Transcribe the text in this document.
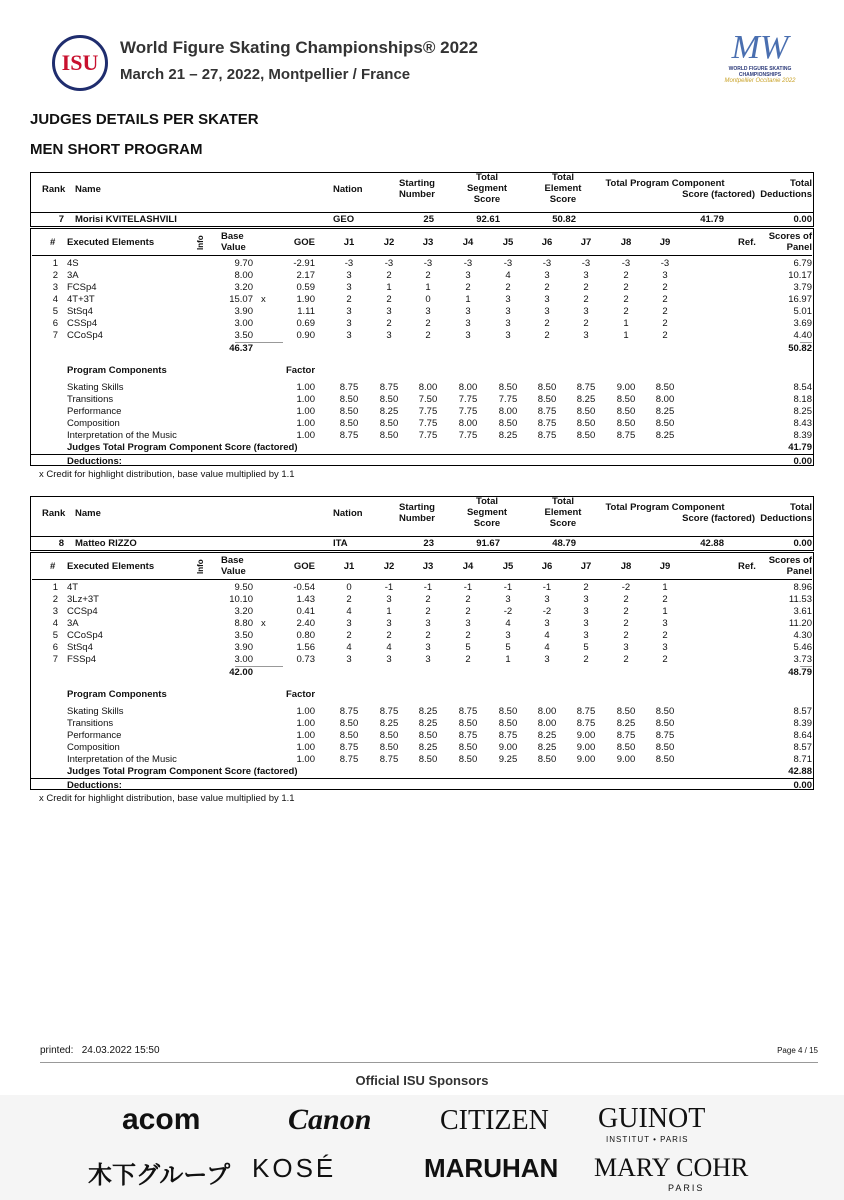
ISU
World Figure Skating Championships® 2022
March 21 – 27, 2022, Montpellier / France
MW
WORLD FIGURE SKATING CHAMPIONSHIPS
Montpellier Occitanie 2022
JUDGES DETAILS PER SKATER
MEN SHORT PROGRAM
Rank Name	Nation
Starting
Number
Total
Segment
Score
Total
Element
Score
Total Program Component
Score (factored)
Total
Deductions
7 Morisi KVITELASHVILI	GEO	25	92.61	50.82	41.79	0.00
# Executed Elements	Info Base
Value	GOE	J1	J2	J3	J4	J5	J6	J7	J8	J9	Ref.
Scores of
Panel
1 4S	9.70	-2.91	-3	-3	-3	-3	-3	-3	-3	-3	-3	6.79
2 3A	8.00	2.17	3	2	2	3	4	3	3	2	3	10.17
3 FCSp4	3.20	0.59	3	1	1	2	2	2	2	2	2	3.79
4 4T+3T	15.07 x	1.90	2	2	0	1	3	3	2	2	2	16.97
5 StSq4	3.90	1.11	3	3	3	3	3	3	3	2	2	5.01
6 CSSp4	3.00	0.69	3	2	2	3	3	2	2	1	2	3.69
7 CCoSp4	3.50	0.90	3	3	2	3	3	2	3	1	2	4.40
46.37	50.82
Program Components	Factor
Skating Skills	1.00	8.75	8.75	8.00	8.00	8.50	8.50	8.75	9.00	8.50	8.54
Transitions	1.00	8.50	8.50	7.50	7.75	7.75	8.50	8.25	8.50	8.00	8.18
Performance	1.00	8.50	8.25	7.75	7.75	8.00	8.75	8.50	8.50	8.25	8.25
Composition	1.00	8.50	8.50	7.75	8.00	8.50	8.75	8.50	8.50	8.50	8.43
Interpretation of the Music	1.00	8.75	8.50	7.75	7.75	8.25	8.75	8.50	8.75	8.25	8.39
Judges Total Program Component Score (factored)	41.79
Deductions:	0.00
x Credit for highlight distribution, base value multiplied by 1.1
Rank Name	Nation
Starting
Number
Total
Segment
Score
Total
Element
Score
Total Program Component
Score (factored)
Total
Deductions
8 Matteo RIZZO	ITA	23	91.67	48.79	42.88	0.00
# Executed Elements	Info Base
Value	GOE	J1	J2	J3	J4	J5	J6	J7	J8	J9	Ref.
Scores of
Panel
1 4T	9.50	-0.54	0	-1	-1	-1	-1	-1	2	-2	1	8.96
2 3Lz+3T	10.10	1.43	2	3	2	2	3	3	3	2	2	11.53
3 CCSp4	3.20	0.41	4	1	2	2	-2	-2	3	2	1	3.61
4 3A	8.80 x	2.40	3	3	3	3	4	3	3	2	3	11.20
5 CCoSp4	3.50	0.80	2	2	2	2	3	4	3	2	2	4.30
6 StSq4	3.90	1.56	4	4	3	5	5	4	5	3	3	5.46
7 FSSp4	3.00	0.73	3	3	3	2	1	3	2	2	2	3.73
42.00	48.79
Program Components	Factor
Skating Skills	1.00	8.75	8.75	8.25	8.75	8.50	8.00	8.75	8.50	8.50	8.57
Transitions	1.00	8.50	8.25	8.25	8.50	8.50	8.00	8.75	8.25	8.50	8.39
Performance	1.00	8.50	8.50	8.50	8.75	8.75	8.25	9.00	8.75	8.75	8.64
Composition	1.00	8.75	8.50	8.25	8.50	9.00	8.25	9.00	8.50	8.50	8.57
Interpretation of the Music	1.00	8.75	8.75	8.50	8.50	9.25	8.50	9.00	9.00	8.50	8.71
Judges Total Program Component Score (factored)	42.88
Deductions:	0.00
x Credit for highlight distribution, base value multiplied by 1.1
printed: 24.03.2022 15:50	Page 4 / 15
Official ISU Sponsors
acom	Canon CITIZEN GUINOT
INSTITUT • PARIS
木下グループ KOSÉ	MARUHAN MARY COHR
PARIS
